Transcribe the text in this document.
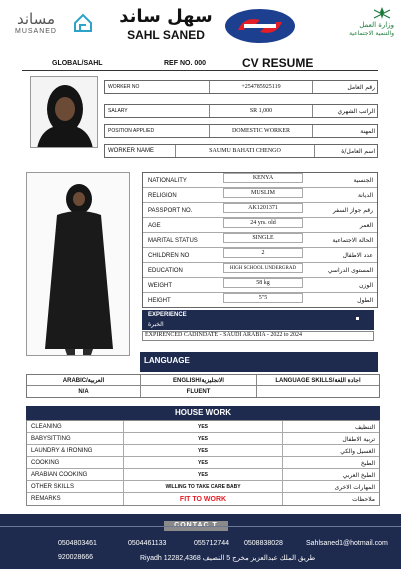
مساند
MUSANED
سهل ساند
SAHL SANED
وزارة العمل
والتنمية الاجتماعية
GLOBAL/SAHL	REF NO. 000	CV RESUME
WORKER NO	+254785925119	رقم العامل
SALARY	SR 1,000	الراتب الشهري
POSITION APPLIED	DOMESTIC WORKER	المهنة
WORKER NAME	SAUMU BAHATI CHENGO	اسم العامل/ة
NATIONALITY	KENYA	الجنسية
RELIGION	MUSLIM	الديانة
PASSPORT NO.	AK1201371	رقم جواز السفر
AGE	24 yrs. old	العمر
MARITAL STATUS	SINGLE	الحالة الاجتماعية
CHILDREN NO	2	عدد الاطفال
EDUCATION	HIGH SCHOOL UNDERGRAD	المستوى الدراسي
WEIGHT	58 kg	الوزن
HEIGHT	5"5	الطول
EXPERIENCE
الخبرة
EXPIRENCED CADINDATE - SAUDI ARABIA - 2022 to 2024
LANGUAGE
ARABIC/العربية	ENGLISH/الانجليزية	LANGUAGE SKILLS/اجادة اللغة
N/A	FLUENT
HOUSE WORK
CLEANING	YES	التنظيف
BABYSITTING	YES	تربية الاطفال
LAUNDRY & IRONING	YES	الغسيل والكي
COOKING	YES	الطبخ
ARABIAN COOKING	YES	الطبخ العربي
OTHER SKILLS	WILLING TO TAKE CARE BABY	المهارات الاخرى
REMARKS	FIT TO WORK	ملاحظات
0504803461	0504461133	055712744 0508838028	Sahlsaned1@hotmail.com
920028666	Riyadh 12282,4368 طريق الملك عبدالعزيز مخرج 5 النصيف
